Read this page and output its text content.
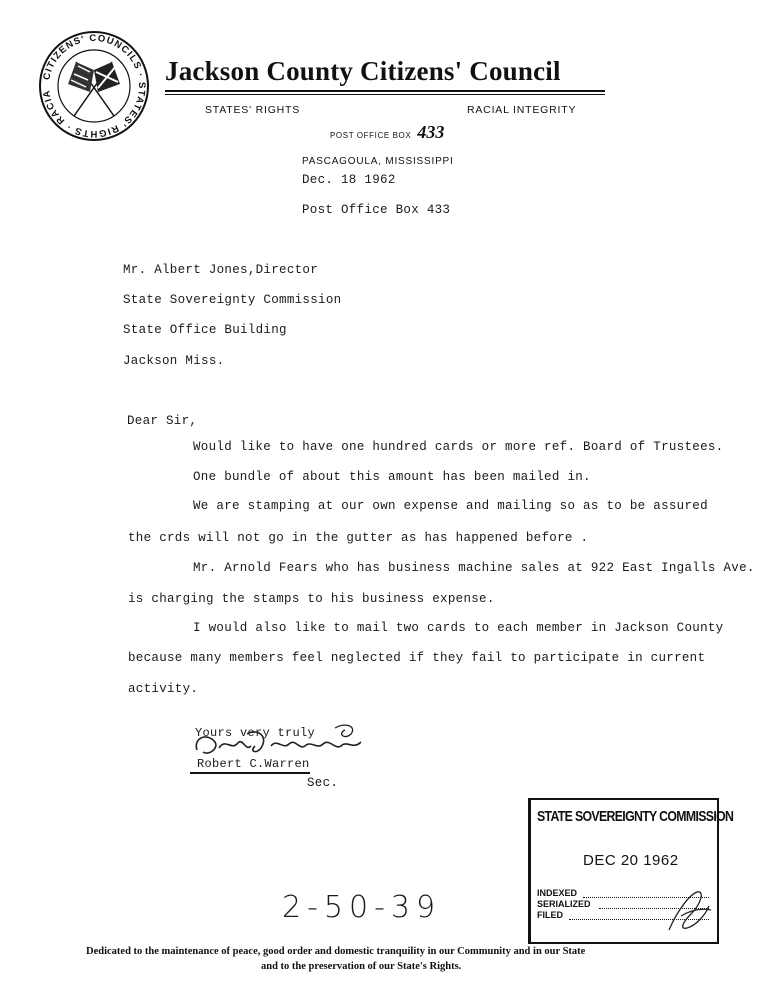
CITIZENS' COUNCILS · STATES' RIGHTS · RACIA
Jackson County Citizens' Council
STATES' RIGHTS	RACIAL INTEGRITY
POST OFFICE BOX 433
PASCAGOULA, MISSISSIPPI
Dec. 18 1962
Post Office Box 433
Mr. Albert Jones,Director
State Sovereignty Commission
State Office Building
Jackson Miss.
Dear Sir,
Would like to have one hundred cards or more ref. Board of Trustees.
One bundle of about this amount has been mailed in.
We are stamping at our own expense and mailing so as to be assured
the crds will not go in the gutter as has happened before .
Mr. Arnold Fears who has business machine sales at 922 East Ingalls Ave.
is charging the stamps to his business expense.
I would also like to mail two cards to each member in Jackson County
because many members feel neglected if they fail to participate in current
activity.
Yours very truly
Robert C.Warren
Sec.
2-50-39
STATE SOVEREIGNTY COMMISSION
DEC 20 1962
INDEXED
SERIALIZED
FILED
Dedicated to the maintenance of peace, good order and domestic tranquility in our Community and in our State
and to the preservation of our State's Rights.
